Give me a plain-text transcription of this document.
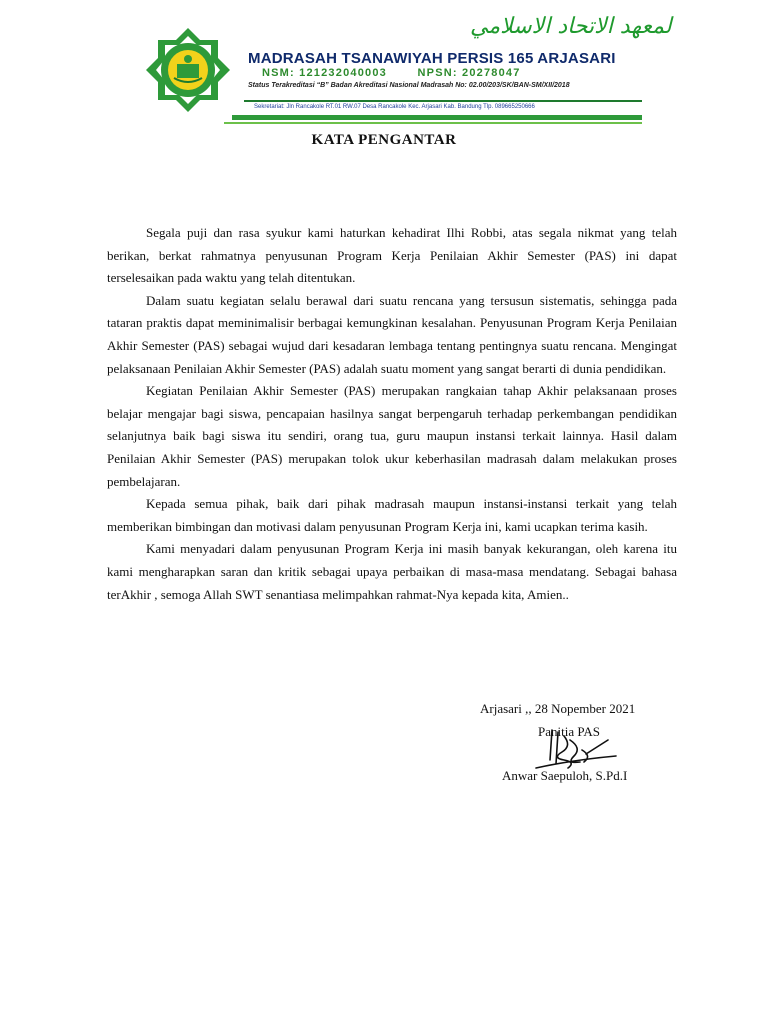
لمعهد الاتحاد الاسلامي
MADRASAH TSANAWIYAH PERSIS 165 ARJASARI
NSM: 121232040003	NPSN: 20278047
Status Terakreditasi “B” Badan Akreditasi Nasional Madrasah No: 02.00/203/SK/BAN-SM/XII/2018
Sekretariat: Jln Rancakole RT.01 RW.07 Desa Rancakole Kec. Arjasari Kab. Bandung Tlp. 089665250666
KATA PENGANTAR

Segala puji dan rasa syukur kami haturkan kehadirat Ilhi Robbi, atas segala nikmat yang telah berikan, berkat rahmatnya penyusunan Program Kerja Penilaian Akhir Semester (PAS) ini dapat terselesaikan pada waktu yang telah ditentukan.

Dalam suatu kegiatan selalu berawal dari suatu rencana yang tersusun sistematis, sehingga pada tataran praktis dapat meminimalisir berbagai kemungkinan kesalahan. Penyusunan Program Kerja Penilaian Akhir Semester (PAS) sebagai wujud dari kesadaran lembaga tentang pentingnya suatu rencana. Mengingat pelaksanaan Penilaian Akhir Semester (PAS) adalah suatu moment yang sangat berarti di dunia pendidikan.

Kegiatan Penilaian Akhir Semester (PAS) merupakan rangkaian tahap Akhir pelaksanaan proses belajar mengajar bagi siswa, pencapaian hasilnya sangat berpengaruh terhadap perkembangan pendidikan selanjutnya baik bagi siswa itu sendiri, orang tua, guru maupun instansi terkait lainnya. Hasil dalam Penilaian Akhir Semester (PAS) merupakan tolok ukur keberhasilan madrasah dalam melakukan proses pembelajaran.

Kepada semua pihak, baik dari pihak madrasah maupun instansi-instansi terkait yang telah memberikan bimbingan dan motivasi dalam penyusunan Program Kerja ini, kami ucapkan terima kasih.

Kami menyadari dalam penyusunan Program Kerja ini masih banyak kekurangan, oleh karena itu kami mengharapkan saran dan kritik sebagai upaya perbaikan di masa-masa mendatang. Sebagai bahasa terAkhir , semoga Allah SWT senantiasa melimpahkan rahmat-Nya kepada kita, Amien..

Arjasari ,, 28 Nopember 2021
Panitia PAS
Anwar Saepuloh, S.Pd.I
